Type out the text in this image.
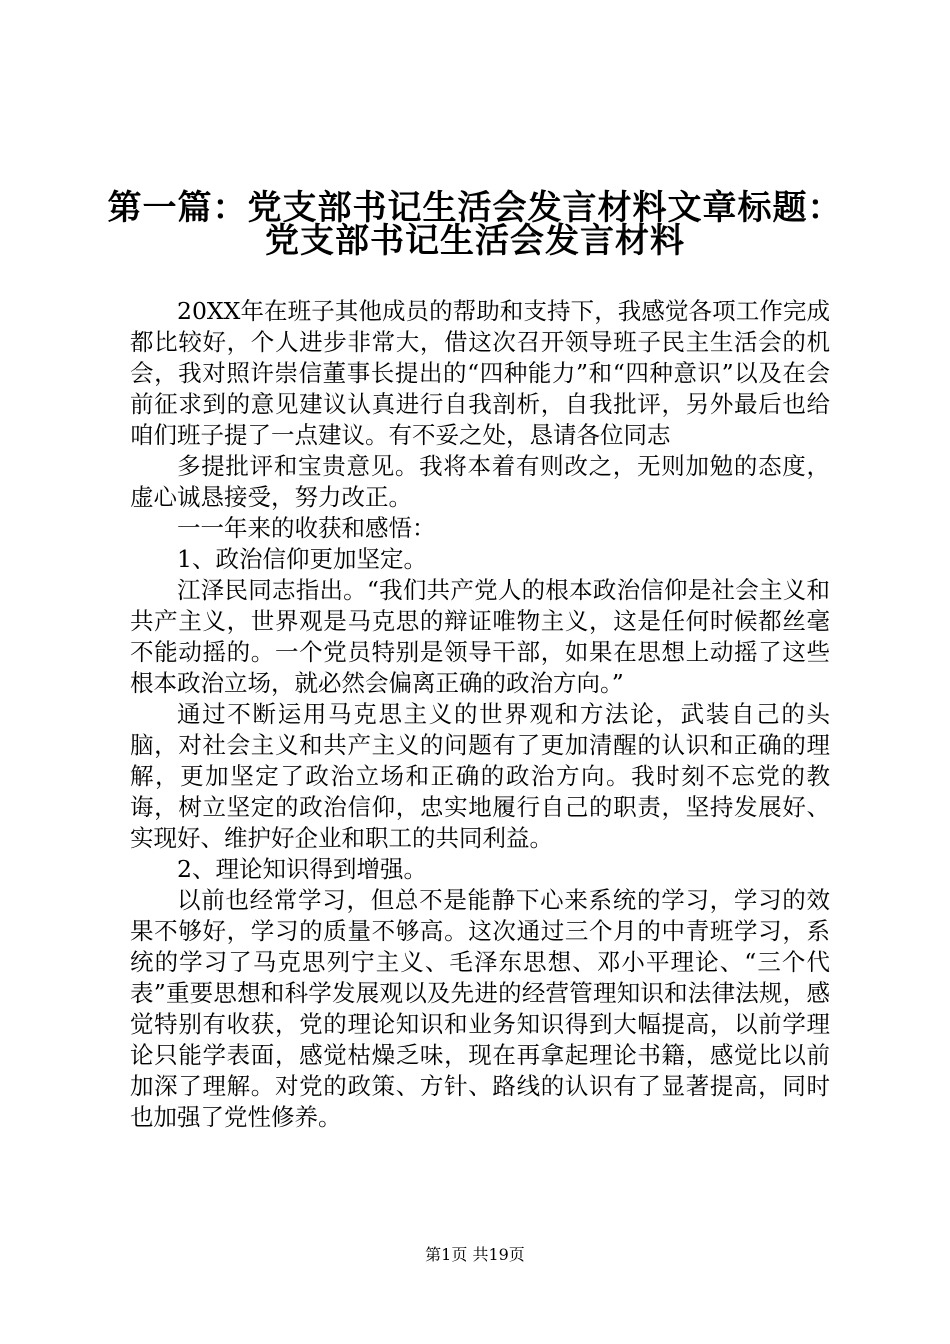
第一篇：党支部书记生活会发言材料文章标题：
党支部书记生活会发言材料

20XX年在班子其他成员的帮助和支持下，我感觉各项工作完成都比较好，个人进步非常大，借这次召开领导班子民主生活会的机会，我对照许崇信董事长提出的“四种能力”和“四种意识”以及在会前征求到的意见建议认真进行自我剖析，自我批评，另外最后也给咱们班子提了一点建议。有不妥之处，恳请各位同志

多提批评和宝贵意见。我将本着有则改之，无则加勉的态度，虚心诚恳接受，努力改正。

一一年来的收获和感悟：

1、政治信仰更加坚定。

江泽民同志指出。“我们共产党人的根本政治信仰是社会主义和共产主义，世界观是马克思的辩证唯物主义，这是任何时候都丝毫不能动摇的。一个党员特别是领导干部，如果在思想上动摇了这些根本政治立场，就必然会偏离正确的政治方向。”

通过不断运用马克思主义的世界观和方法论，武装自己的头脑，对社会主义和共产主义的问题有了更加清醒的认识和正确的理解，更加坚定了政治立场和正确的政治方向。我时刻不忘党的教诲，树立坚定的政治信仰，忠实地履行自己的职责，坚持发展好、实现好、维护好企业和职工的共同利益。

2、理论知识得到增强。

以前也经常学习，但总不是能静下心来系统的学习，学习的效果不够好，学习的质量不够高。这次通过三个月的中青班学习，系统的学习了马克思列宁主义、毛泽东思想、邓小平理论、“三个代表”重要思想和科学发展观以及先进的经营管理知识和法律法规，感觉特别有收获，党的理论知识和业务知识得到大幅提高，以前学理论只能学表面，感觉枯燥乏味，现在再拿起理论书籍，感觉比以前加深了理解。对党的政策、方针、路线的认识有了显著提高，同时也加强了党性修养。

第1页 共19页
